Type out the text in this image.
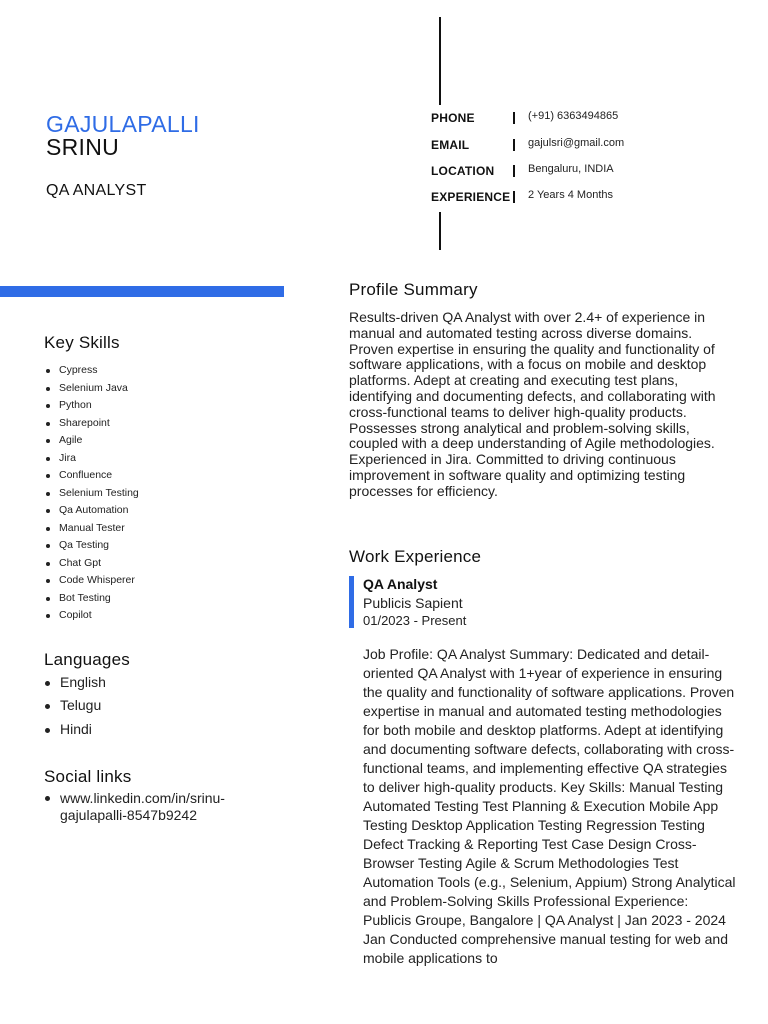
GAJULAPALLI
SRINU
QA ANALYST
PHONE	(+91) 6363494865
EMAIL	gajulsri@gmail.com
LOCATION	Bengaluru, INDIA
EXPERIENCE 2 Years 4 Months
Key Skills
Cypress
Selenium Java
Python
Sharepoint
Agile
Jira
Confluence
Selenium Testing
Qa Automation
Manual Tester
Qa Testing
Chat Gpt
Code Whisperer
Bot Testing
Copilot
Languages
English
Telugu
Hindi
Social links
www.linkedin.com/in/srinu-gajulapalli-8547b9242
Profile Summary
Results-driven QA Analyst with over 2.4+ of experience in manual and automated testing across diverse domains. Proven expertise in ensuring the quality and functionality of software applications, with a focus on mobile and desktop platforms. Adept at creating and executing test plans, identifying and documenting defects, and collaborating with cross-functional teams to deliver high-quality products. Possesses strong analytical and problem-solving skills, coupled with a deep understanding of Agile methodologies. Experienced in Jira. Committed to driving continuous improvement in software quality and optimizing testing processes for efficiency.
Work Experience
QA Analyst
Publicis Sapient
01/2023 - Present
Job Profile: QA Analyst Summary: Dedicated and detail-oriented QA Analyst with 1+year of experience in ensuring the quality and functionality of software applications. Proven expertise in manual and automated testing methodologies for both mobile and desktop platforms. Adept at identifying and documenting software defects, collaborating with cross-functional teams, and implementing effective QA strategies to deliver high-quality products. Key Skills: Manual Testing Automated Testing Test Planning & Execution Mobile App Testing Desktop Application Testing Regression Testing Defect Tracking & Reporting Test Case Design Cross-Browser Testing Agile & Scrum Methodologies Test Automation Tools (e.g., Selenium, Appium) Strong Analytical and Problem-Solving Skills Professional Experience: Publicis Groupe, Bangalore | QA Analyst | Jan 2023 - 2024 Jan Conducted comprehensive manual testing for web and mobile applications to
